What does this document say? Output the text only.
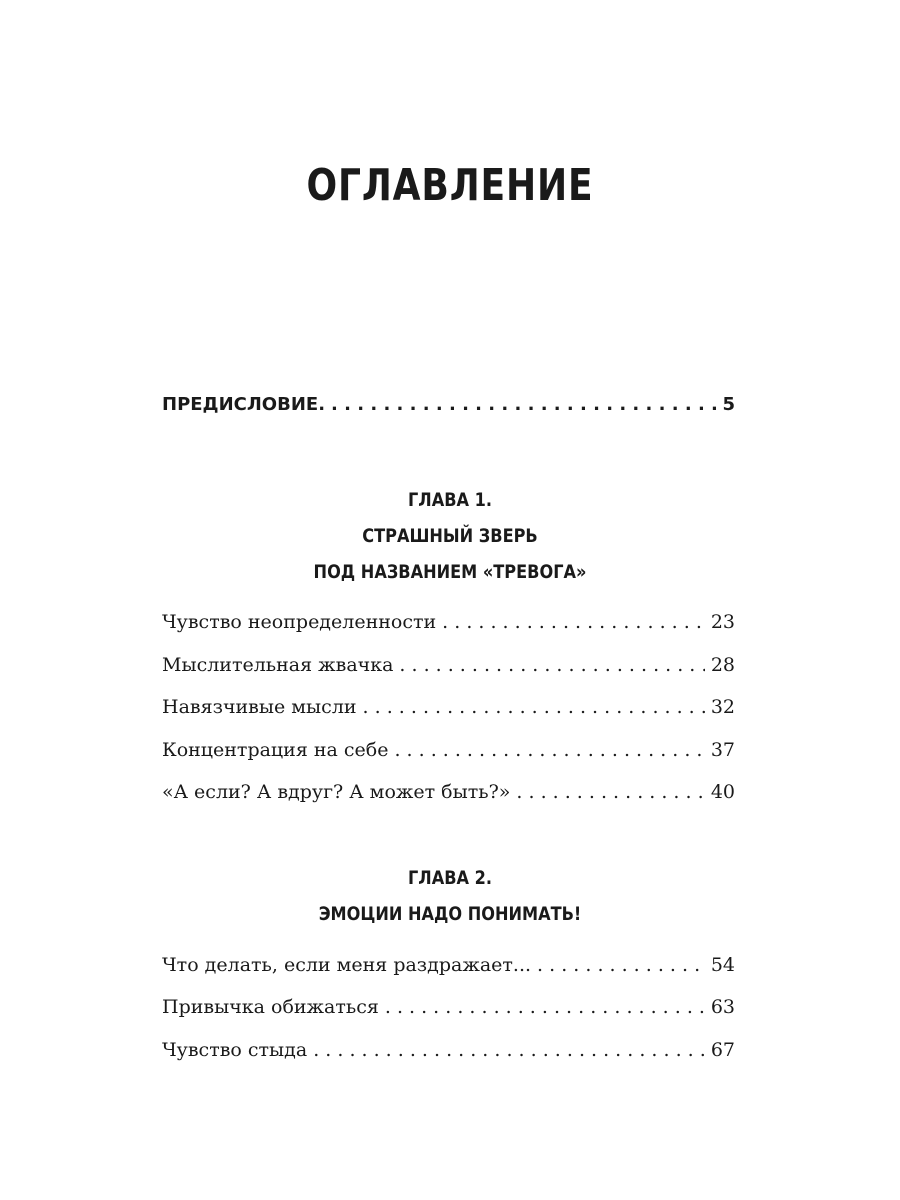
ОГЛАВЛЕНИЕ
ПРЕДИСЛОВИЕ. . . .	5
ГЛАВА 1.
СТРАШНЫЙ ЗВЕРЬ
ПОД НАЗВАНИЕМ «ТРЕВОГА»
Чувство неопределенности . . .	23
Мыслительная жвачка . . .	28
Навязчивые мысли . . .	32
Концентрация на себе . . .	37
«А если? А вдруг? А может быть?» . . .	40
ГЛАВА 2.
ЭМОЦИИ НАДО ПОНИМАТЬ!
Что делать, если меня раздражает... . . .	54
Привычка обижаться . . .	63
Чувство стыда . . .	67
